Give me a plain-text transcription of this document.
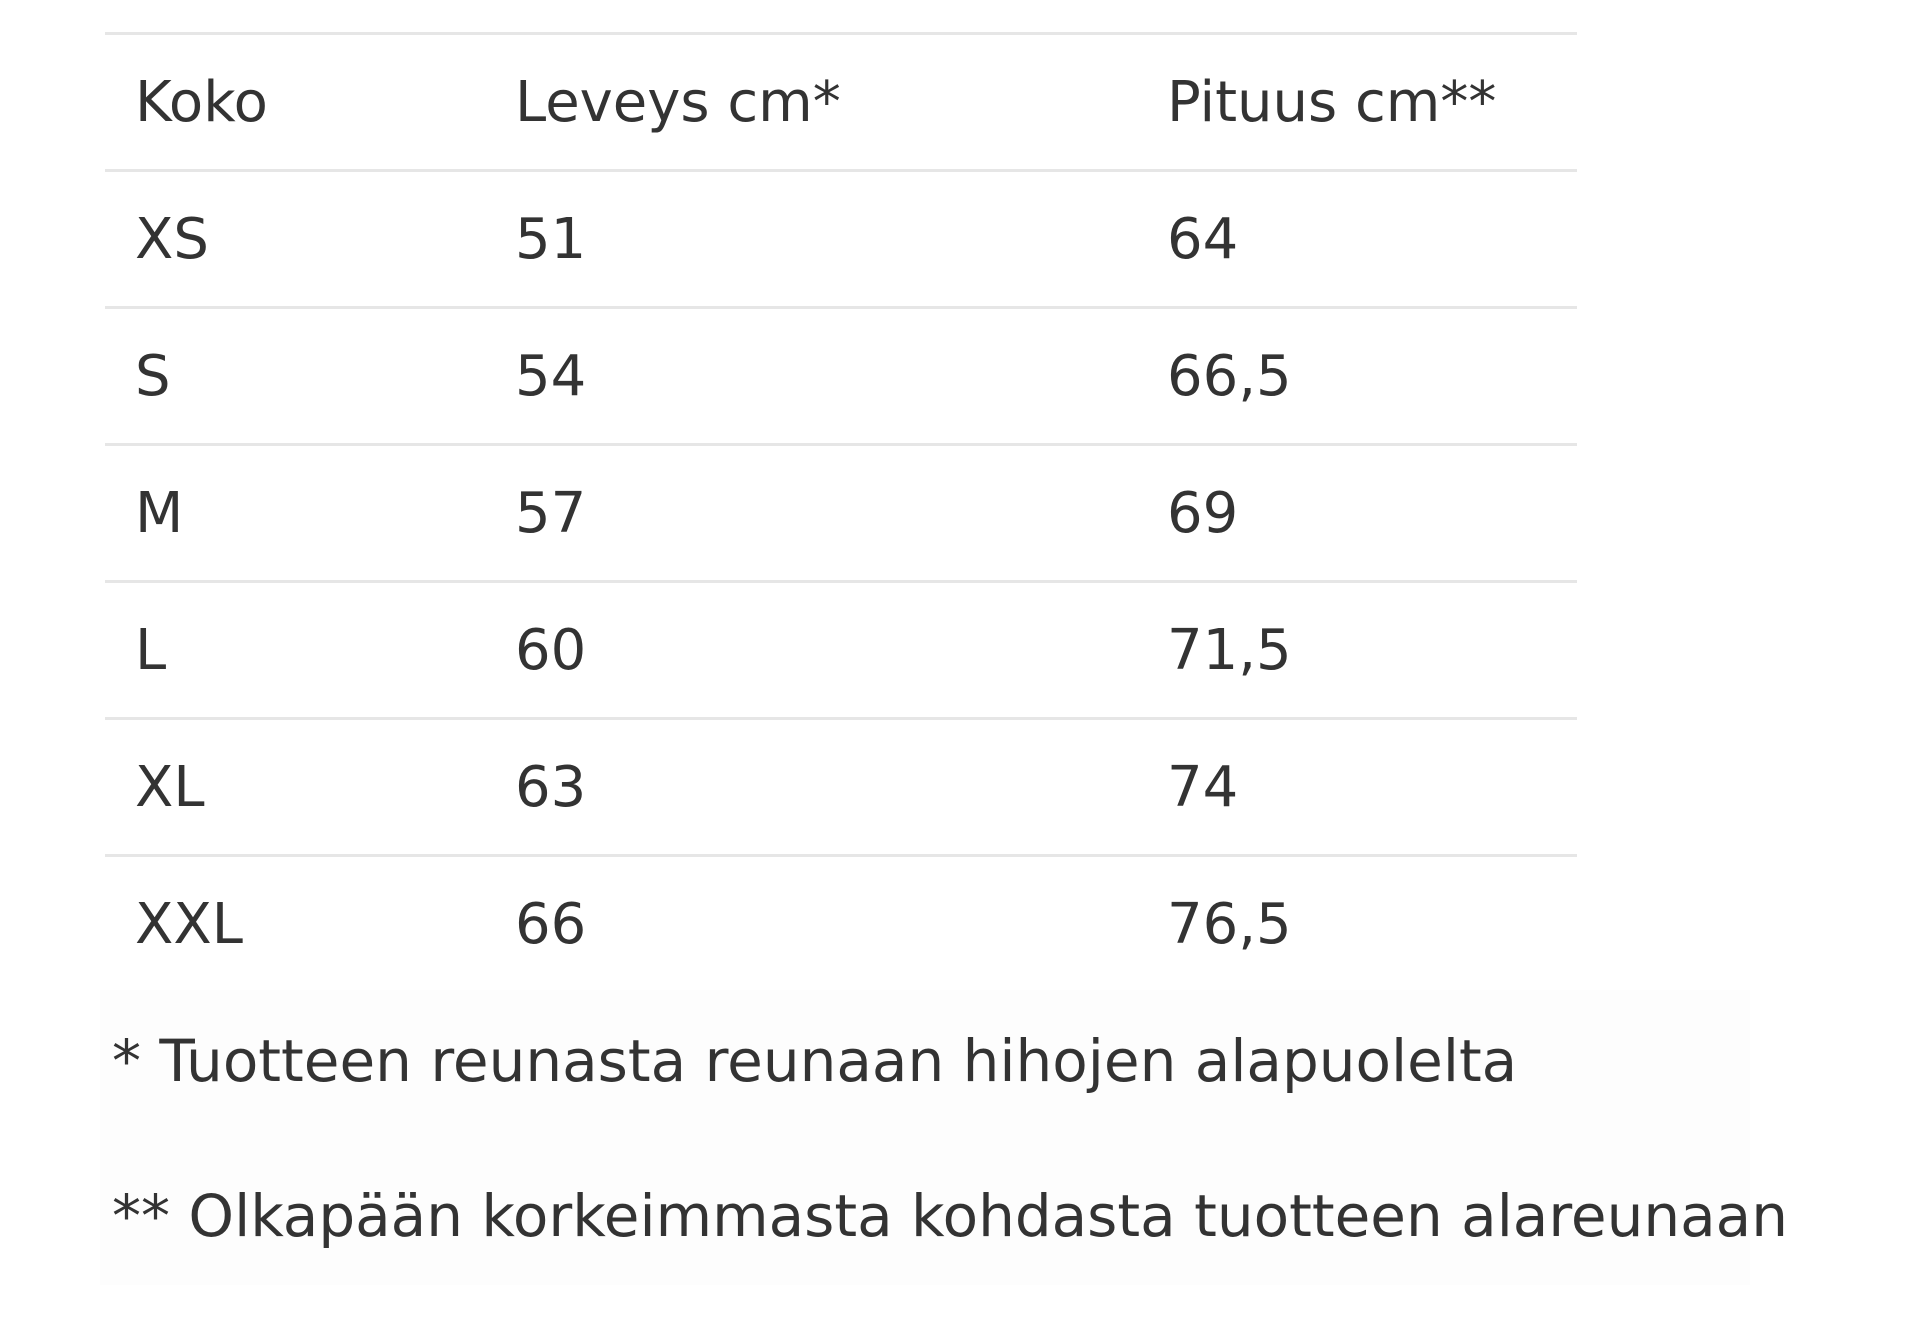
Koko	Leveys cm*	Pituus cm**
XS	51	64
S	54	66,5
M	57	69
L	60	71,5
XL	63	74
XXL	66	76,5

* Tuotteen reunasta reunaan hihojen alapuolelta

** Olkapään korkeimmasta kohdasta tuotteen alareunaan
